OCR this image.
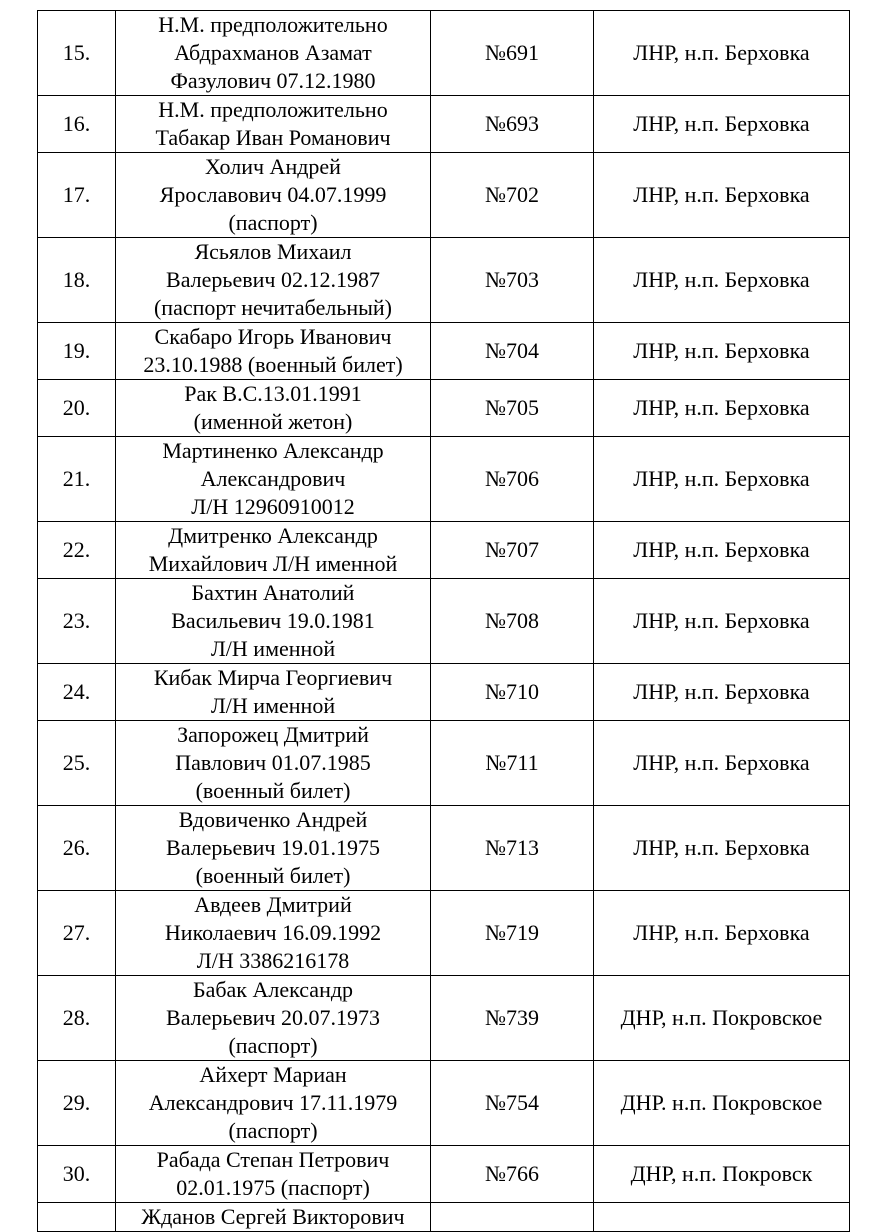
15.	Н.М. предположительно
Абдрахманов Азамат
Фазулович 07.12.1980	№691	ЛНР, н.п. Берховка
16.	Н.М. предположительно
Табакар Иван Романович	№693	ЛНР, н.п. Берховка
17.	Холич Андрей
Ярославович 04.07.1999
(паспорт)	№702	ЛНР, н.п. Берховка
18.	Ясьялов Михаил
Валерьевич 02.12.1987
(паспорт нечитабельный)	№703	ЛНР, н.п. Берховка
19.	Скабаро Игорь Иванович
23.10.1988 (военный билет)	№704	ЛНР, н.п. Берховка
20.	Рак В.С.13.01.1991
(именной жетон)	№705	ЛНР, н.п. Берховка
21.	Мартиненко Александр
Александрович
Л/Н 12960910012	№706	ЛНР, н.п. Берховка
22.	Дмитренко Александр
Михайлович Л/Н именной	№707	ЛНР, н.п. Берховка
23.	Бахтин Анатолий
Васильевич 19.0.1981
Л/Н именной	№708	ЛНР, н.п. Берховка
24.	Кибак Мирча Георгиевич
Л/Н именной	№710	ЛНР, н.п. Берховка
25.	Запорожец Дмитрий
Павлович 01.07.1985
(военный билет)	№711	ЛНР, н.п. Берховка
26.	Вдовиченко Андрей
Валерьевич 19.01.1975
(военный билет)	№713	ЛНР, н.п. Берховка
27.	Авдеев Дмитрий
Николаевич 16.09.1992
Л/Н 3386216178	№719	ЛНР, н.п. Берховка
28.	Бабак Александр
Валерьевич 20.07.1973
(паспорт)	№739	ДНР, н.п. Покровское
29.	Айхерт Мариан
Александрович 17.11.1979
(паспорт)	№754	ДНР. н.п. Покровское
30.	Рабада Степан Петрович
02.01.1975 (паспорт)	№766	ДНР, н.п. Покровск

	Жданов Сергей Викторович		
